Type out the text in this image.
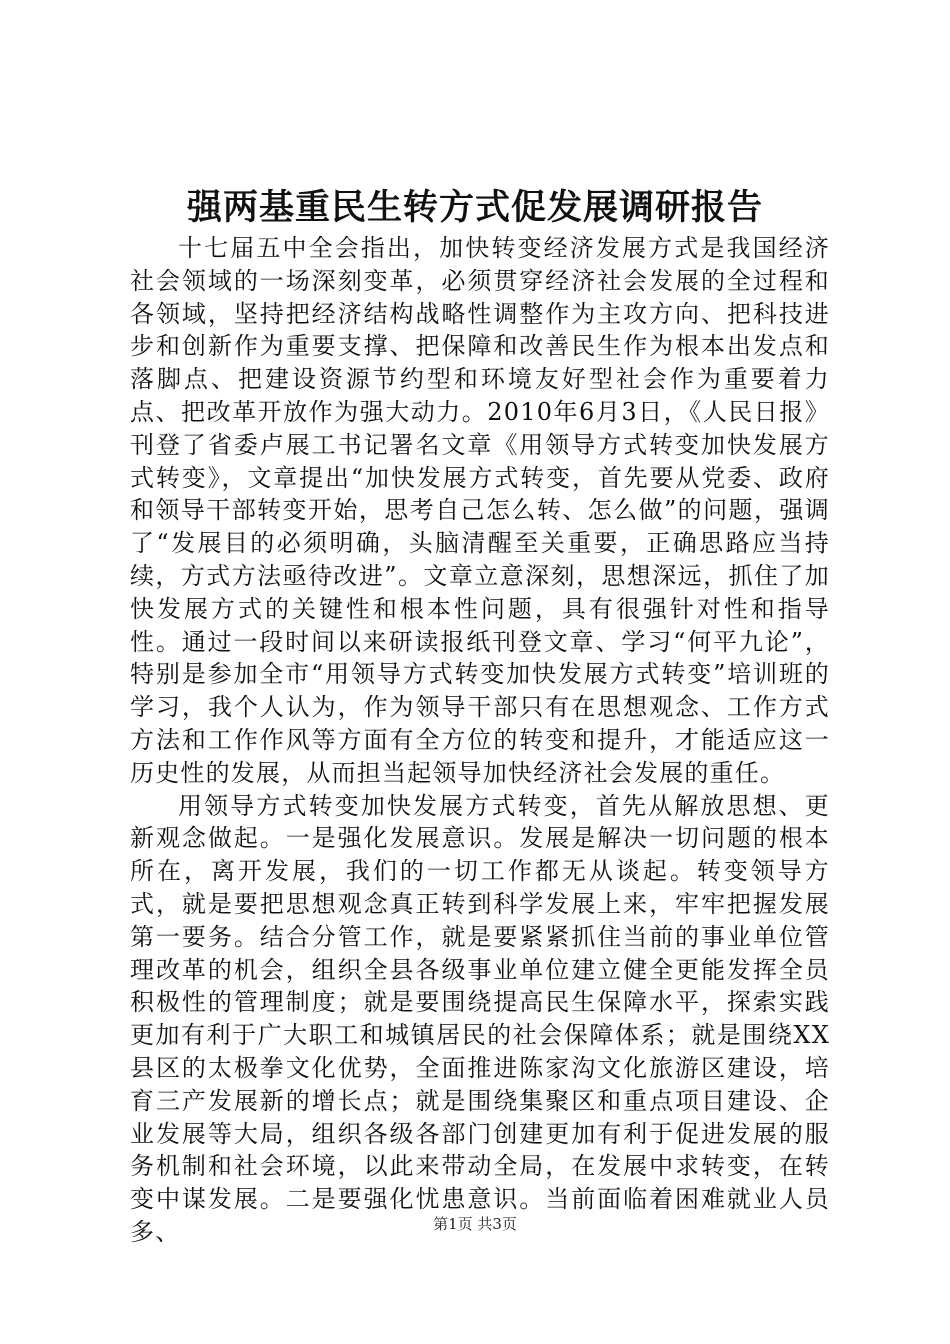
强两基重民生转方式促发展调研报告

十七届五中全会指出，加快转变经济发展方式是我国经济社会领域的一场深刻变革，必须贯穿经济社会发展的全过程和各领域，坚持把经济结构战略性调整作为主攻方向、把科技进步和创新作为重要支撑、把保障和改善民生作为根本出发点和落脚点、把建设资源节约型和环境友好型社会作为重要着力点、把改革开放作为强大动力。2010年6月3日，《人民日报》刊登了省委卢展工书记署名文章《用领导方式转变加快发展方式转变》，文章提出“加快发展方式转变，首先要从党委、政府和领导干部转变开始，思考自己怎么转、怎么做”的问题，强调了“发展目的必须明确，头脑清醒至关重要，正确思路应当持续，方式方法亟待改进”。文章立意深刻，思想深远，抓住了加快发展方式的关键性和根本性问题，具有很强针对性和指导性。通过一段时间以来研读报纸刊登文章、学习“何平九论”，特别是参加全市“用领导方式转变加快发展方式转变”培训班的学习，我个人认为，作为领导干部只有在思想观念、工作方式方法和工作作风等方面有全方位的转变和提升，才能适应这一历史性的发展，从而担当起领导加快经济社会发展的重任。

用领导方式转变加快发展方式转变，首先从解放思想、更新观念做起。一是强化发展意识。发展是解决一切问题的根本所在，离开发展，我们的一切工作都无从谈起。转变领导方式，就是要把思想观念真正转到科学发展上来，牢牢把握发展第一要务。结合分管工作，就是要紧紧抓住当前的事业单位管理改革的机会，组织全县各级事业单位建立健全更能发挥全员积极性的管理制度；就是要围绕提高民生保障水平，探索实践更加有利于广大职工和城镇居民的社会保障体系；就是围绕XX县区的太极拳文化优势，全面推进陈家沟文化旅游区建设，培育三产发展新的增长点；就是围绕集聚区和重点项目建设、企业发展等大局，组织各级各部门创建更加有利于促进发展的服务机制和社会环境，以此来带动全局，在发展中求转变，在转变中谋发展。二是要强化忧患意识。当前面临着困难就业人员多、	第1页 共3页
